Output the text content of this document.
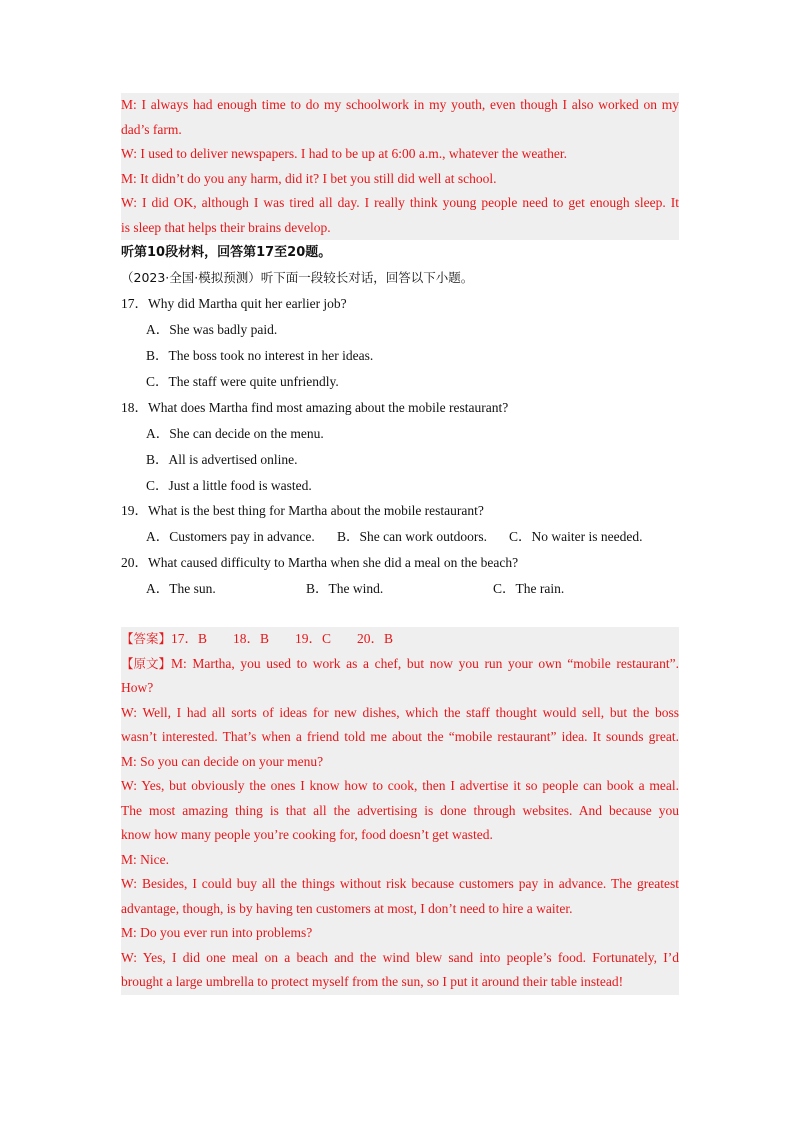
M: I always had enough time to do my schoolwork in my youth, even though I also worked on my
dad’s farm.
W: I used to deliver newspapers. I had to be up at 6:00 a.m., whatever the weather.
M: It didn’t do you any harm, did it? I bet you still did well at school.
W: I did OK, although I was tired all day. I really think young people need to get enough sleep. It
is sleep that helps their brains develop.
听第10段材料，回答第17至20题。
（2023·全国·模拟预测）听下面一段较长对话，回答以下小题。
17．Why did Martha quit her earlier job?
A．She was badly paid.
B．The boss took no interest in her ideas.
C．The staff were quite unfriendly.
18．What does Martha find most amazing about the mobile restaurant?
A．She can decide on the menu.
B．All is advertised online.
C．Just a little food is wasted.
19．What is the best thing for Martha about the mobile restaurant?
A．Customers pay in advance. B．She can work outdoors. C．No waiter is needed.
20．What caused difficulty to Martha when she did a meal on the beach?
A．The sun.	B．The wind.	C．The rain.
【答案】17．B 18．B 19．C 20．B
【原文】 M: Martha, you used to work as a chef, but now you run your own “mobile restaurant”.
How?
W: Well, I had all sorts of ideas for new dishes, which the staff thought would sell, but the boss
wasn’t interested. That’s when a friend told me about the “mobile restaurant” idea. It sounds great.
M: So you can decide on your menu?
W: Yes, but obviously the ones I know how to cook, then I advertise it so people can book a meal.
The most amazing thing is that all the advertising is done through websites. And because you
know how many people you’re cooking for, food doesn’t get wasted.
M: Nice.
W: Besides, I could buy all the things without risk because customers pay in advance. The greatest
advantage, though, is by having ten customers at most, I don’t need to hire a waiter.
M: Do you ever run into problems?
W: Yes, I did one meal on a beach and the wind blew sand into people’s food. Fortunately, I’d
brought a large umbrella to protect myself from the sun, so I put it around their table instead!
